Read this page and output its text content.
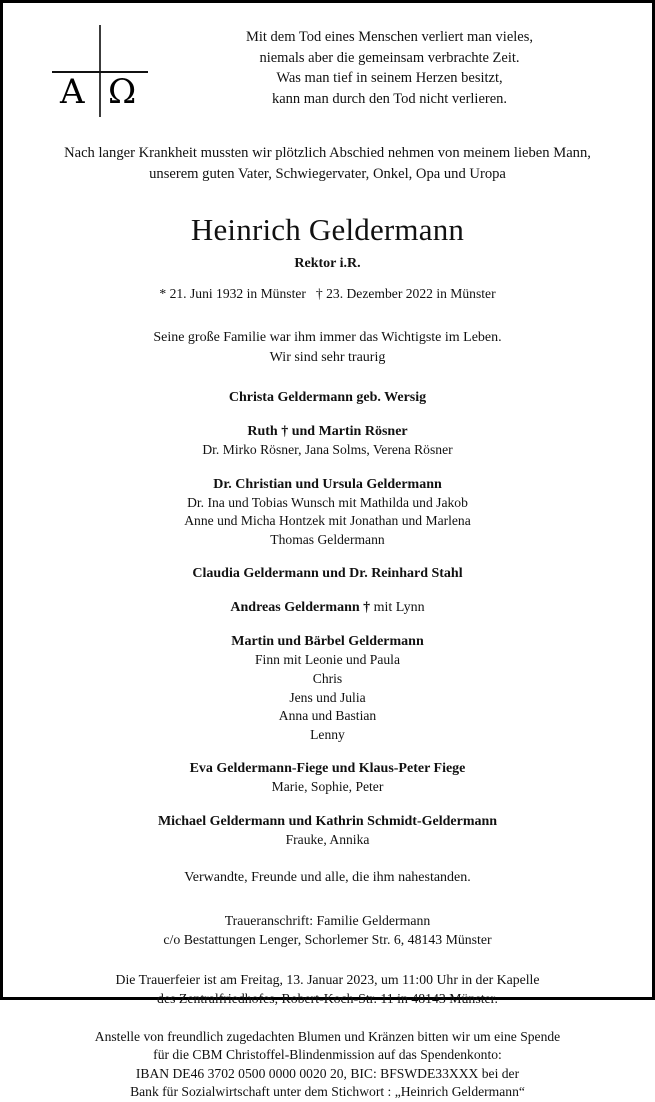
A Ω
Mit dem Tod eines Menschen verliert man vieles,
niemals aber die gemeinsam verbrachte Zeit.
Was man tief in seinem Herzen besitzt,
kann man durch den Tod nicht verlieren.
Nach langer Krankheit mussten wir plötzlich Abschied nehmen von meinem lieben Mann,
unserem guten Vater, Schwiegervater, Onkel, Opa und Uropa
Heinrich Geldermann
Rektor i.R.
* 21. Juni 1932 in Münster † 23. Dezember 2022 in Münster
Seine große Familie war ihm immer das Wichtigste im Leben.
Wir sind sehr traurig
Christa Geldermann geb. Wersig
Ruth † und Martin Rösner
Dr. Mirko Rösner, Jana Solms, Verena Rösner
Dr. Christian und Ursula Geldermann
Dr. Ina und Tobias Wunsch mit Mathilda und Jakob
Anne und Micha Hontzek mit Jonathan und Marlena
Thomas Geldermann
Claudia Geldermann und Dr. Reinhard Stahl
Andreas Geldermann † mit Lynn
Martin und Bärbel Geldermann
Finn mit Leonie und Paula
Chris
Jens und Julia
Anna und Bastian
Lenny
Eva Geldermann-Fiege und Klaus-Peter Fiege
Marie, Sophie, Peter
Michael Geldermann und Kathrin Schmidt-Geldermann
Frauke, Annika
Verwandte, Freunde und alle, die ihm nahestanden.
Traueranschrift: Familie Geldermann
c/o Bestattungen Lenger, Schorlemer Str. 6, 48143 Münster
Die Trauerfeier ist am Freitag, 13. Januar 2023, um 11:00 Uhr in der Kapelle
des Zentralfriedhofes, Robert-Koch-Str. 11 in 48143 Münster.
Anstelle von freundlich zugedachten Blumen und Kränzen bitten wir um eine Spende
für die CBM Christoffel-Blindenmission auf das Spendenkonto:
IBAN DE46 3702 0500 0000 0020 20, BIC: BFSWDE33XXX bei der
Bank für Sozialwirtschaft unter dem Stichwort : „Heinrich Geldermann“
